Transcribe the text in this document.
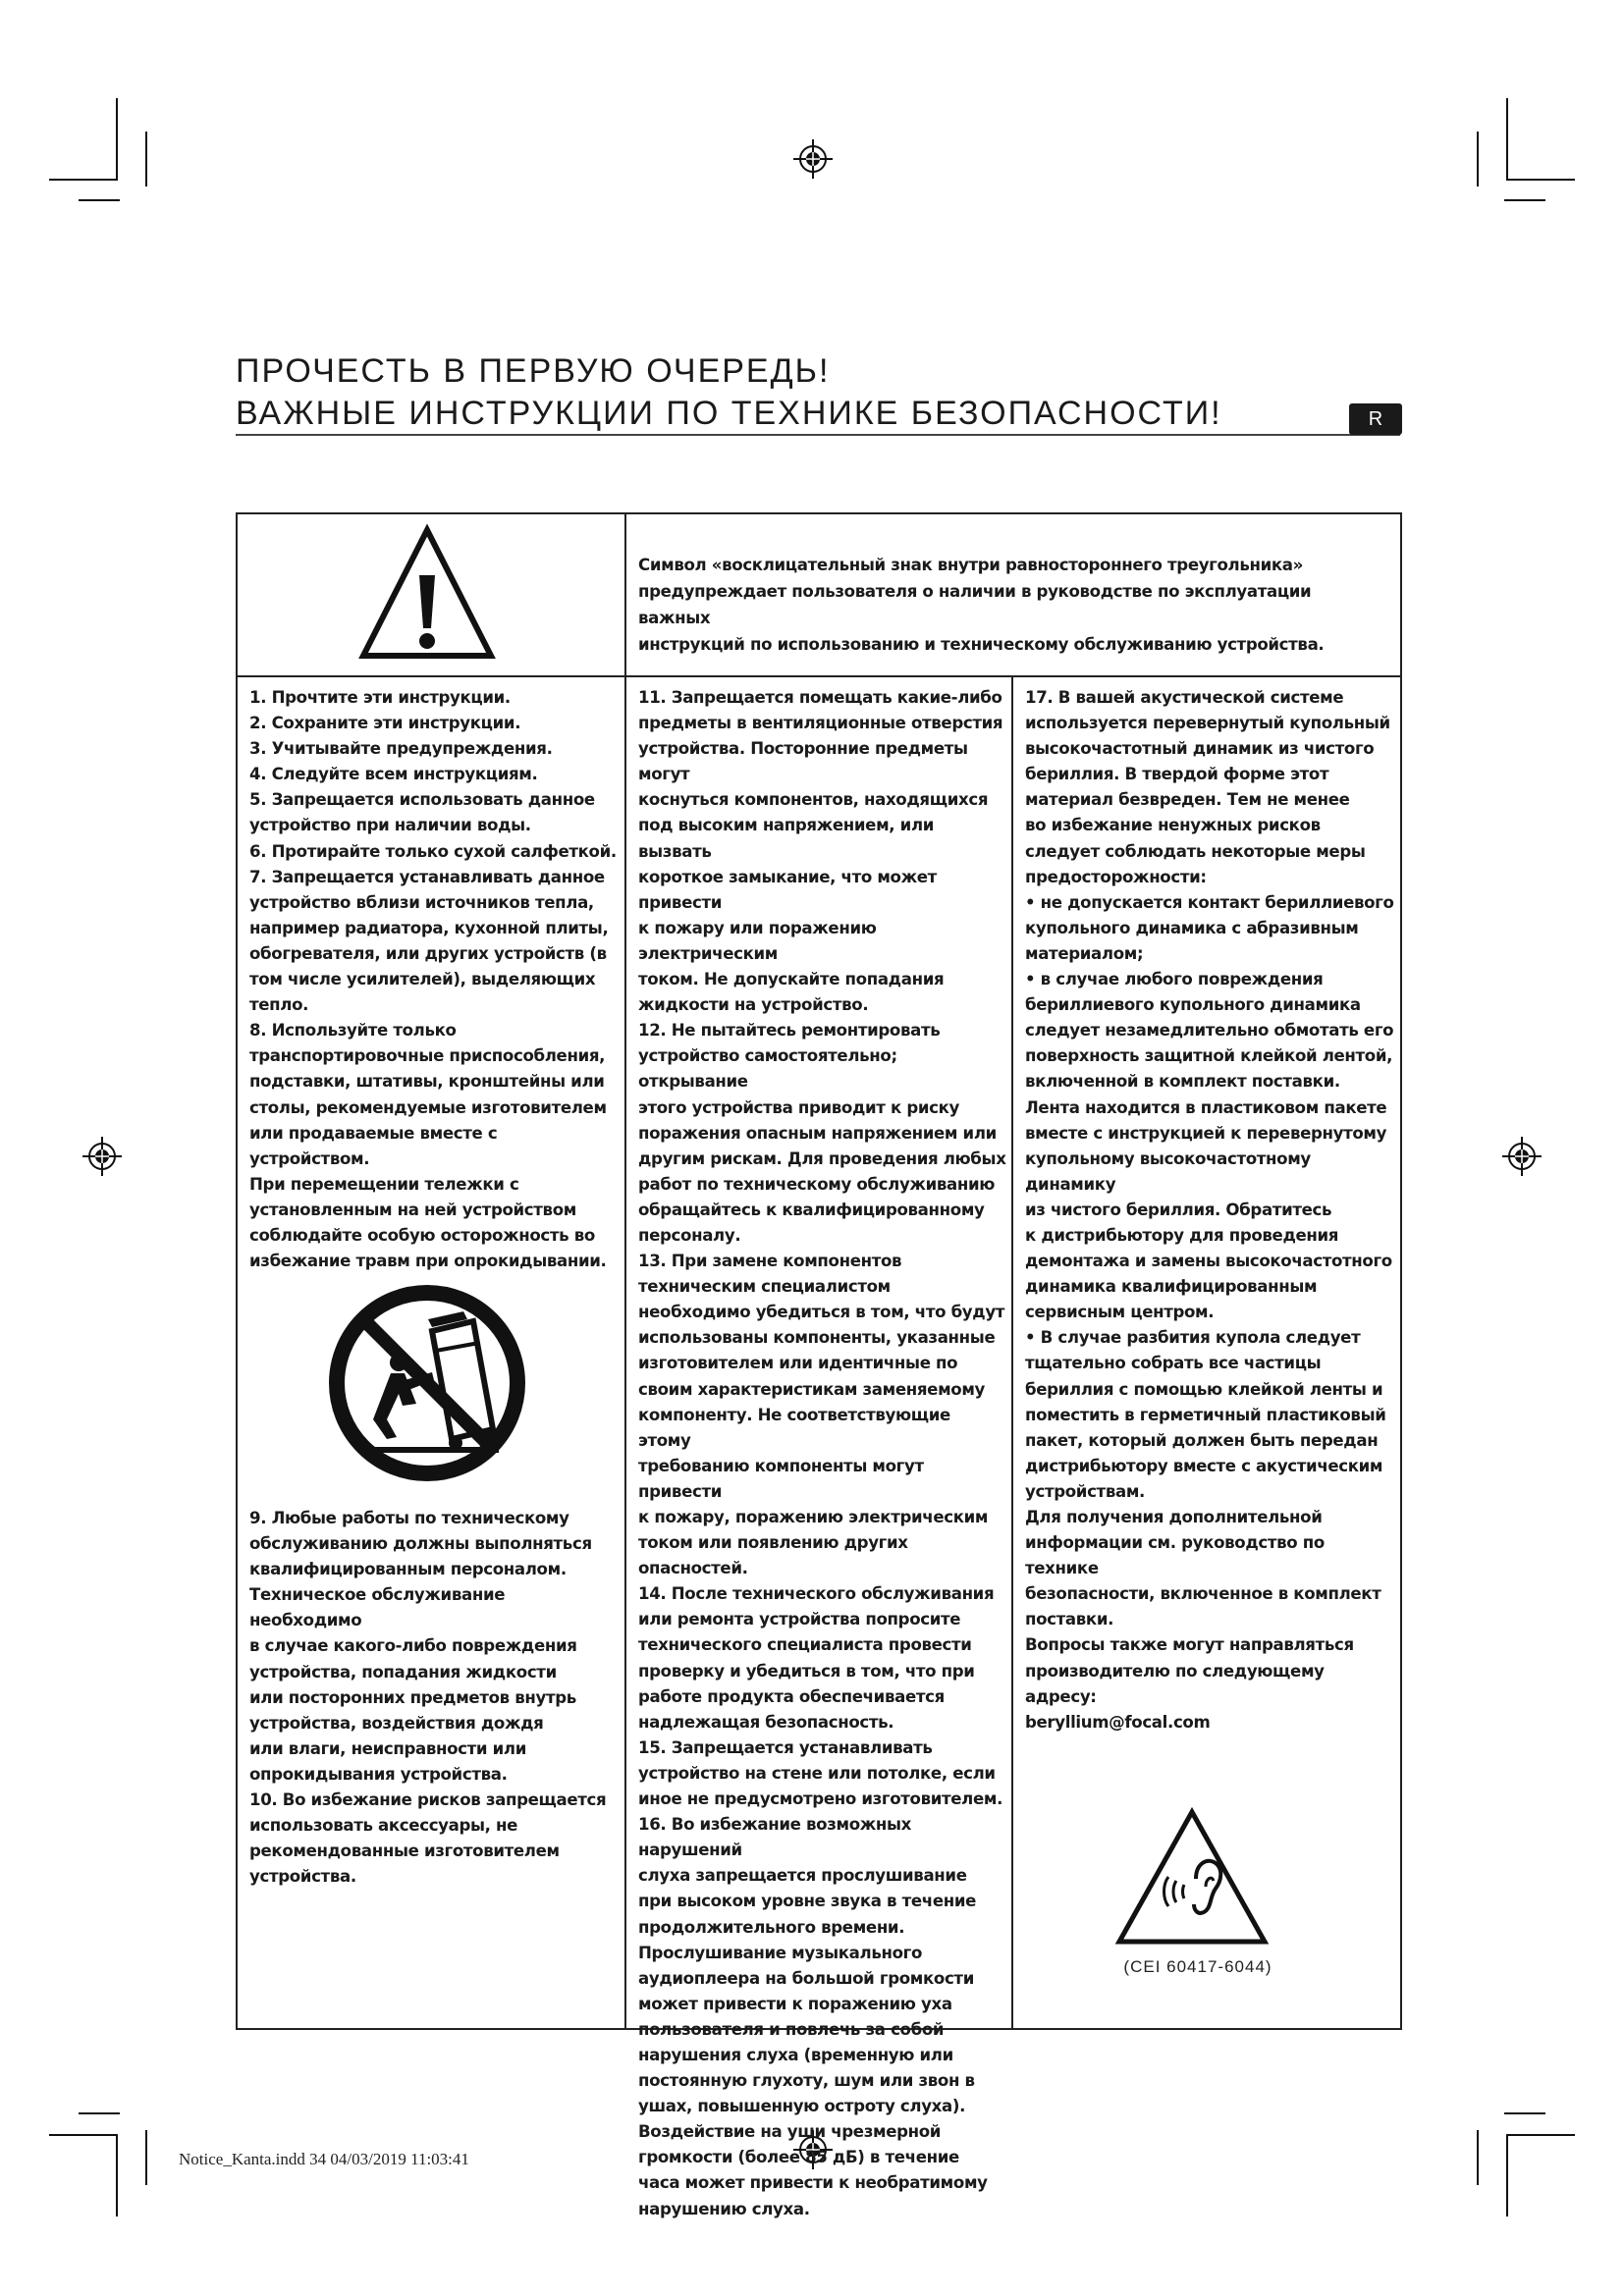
ПРОЧЕСТЬ В ПЕРВУЮ ОЧЕРЕДЬ!
ВАЖНЫЕ ИНСТРУКЦИИ ПО ТЕХНИКЕ БЕЗОПАСНОСТИ!	R
Символ «восклицательный знак внутри равностороннего треугольника»
предупреждает пользователя о наличии в руководстве по эксплуатации важных
инструкций по использованию и техническому обслуживанию устройства.
1. Прочтите эти инструкции.
2. Сохраните эти инструкции.
3. Учитывайте предупреждения.
4. Следуйте всем инструкциям.
5. Запрещается использовать данное
устройство при наличии воды.
6. Протирайте только сухой салфеткой.
7. Запрещается устанавливать данное
устройство вблизи источников тепла,
например радиатора, кухонной плиты,
обогревателя, или других устройств (в
том числе усилителей), выделяющих
тепло.
8. Используйте только
транспортировочные приспособления,
подставки, штативы, кронштейны или
столы, рекомендуемые изготовителем
или продаваемые вместе с устройством.
При перемещении тележки с
установленным на ней устройством
соблюдайте особую осторожность во
избежание травм при опрокидывании.
9. Любые работы по техническому
обслуживанию должны выполняться
квалифицированным персоналом.
Техническое обслуживание необходимо
в случае какого-либо повреждения
устройства, попадания жидкости
или посторонних предметов внутрь
устройства, воздействия дождя
или влаги, неисправности или
опрокидывания устройства.
10. Во избежание рисков запрещается
использовать аксессуары, не
рекомендованные изготовителем
устройства.
11. Запрещается помещать какие-либо
предметы в вентиляционные отверстия
устройства. Посторонние предметы могут
коснуться компонентов, находящихся
под высоким напряжением, или вызвать
короткое замыкание, что может привести
к пожару или поражению электрическим
током. Не допускайте попадания
жидкости на устройство.
12. Не пытайтесь ремонтировать
устройство самостоятельно; открывание
этого устройства приводит к риску
поражения опасным напряжением или
другим рискам. Для проведения любых
работ по техническому обслуживанию
обращайтесь к квалифицированному
персоналу.
13. При замене компонентов
техническим специалистом
необходимо убедиться в том, что будут
использованы компоненты, указанные
изготовителем или идентичные по
своим характеристикам заменяемому
компоненту. Не соответствующие этому
требованию компоненты могут привести
к пожару, поражению электрическим
током или появлению других опасностей.
14. После технического обслуживания
или ремонта устройства попросите
технического специалиста провести
проверку и убедиться в том, что при
работе продукта обеспечивается
надлежащая безопасность.
15. Запрещается устанавливать
устройство на стене или потолке, если
иное не предусмотрено изготовителем.
16. Во избежание возможных нарушений
слуха запрещается прослушивание
при высоком уровне звука в течение
продолжительного времени.
Прослушивание музыкального
аудиоплеера на большой громкости
может привести к поражению уха
пользователя и повлечь за собой
нарушения слуха (временную или
постоянную глухоту, шум или звон в
ушах, повышенную остроту слуха).
Воздействие на уши чрезмерной
громкости (более 85 дБ) в течение
часа может привести к необратимому
нарушению слуха.
17. В вашей акустической системе
используется перевернутый купольный
высокочастотный динамик из чистого
бериллия. В твердой форме этот
материал безвреден. Тем не менее
во избежание ненужных рисков
следует соблюдать некоторые меры
предосторожности:
• не допускается контакт бериллиевого
купольного динамика с абразивным
материалом;
• в случае любого повреждения
бериллиевого купольного динамика
следует незамедлительно обмотать его
поверхность защитной клейкой лентой,
включенной в комплект поставки.
Лента находится в пластиковом пакете
вместе с инструкцией к перевернутому
купольному высокочастотному динамику
из чистого бериллия. Обратитесь
к дистрибьютору для проведения
демонтажа и замены высокочастотного
динамика квалифицированным
сервисным центром.
• В случае разбития купола следует
тщательно собрать все частицы
бериллия с помощью клейкой ленты и
поместить в герметичный пластиковый
пакет, который должен быть передан
дистрибьютору вместе с акустическим
устройствам.
Для получения дополнительной
информации см. руководство по технике
безопасности, включенное в комплект
поставки.
Вопросы также могут направляться
производителю по следующему адресу:
beryllium@focal.com
(CEI 60417-6044)
Notice_Kanta.indd 34 04/03/2019 11:03:41
